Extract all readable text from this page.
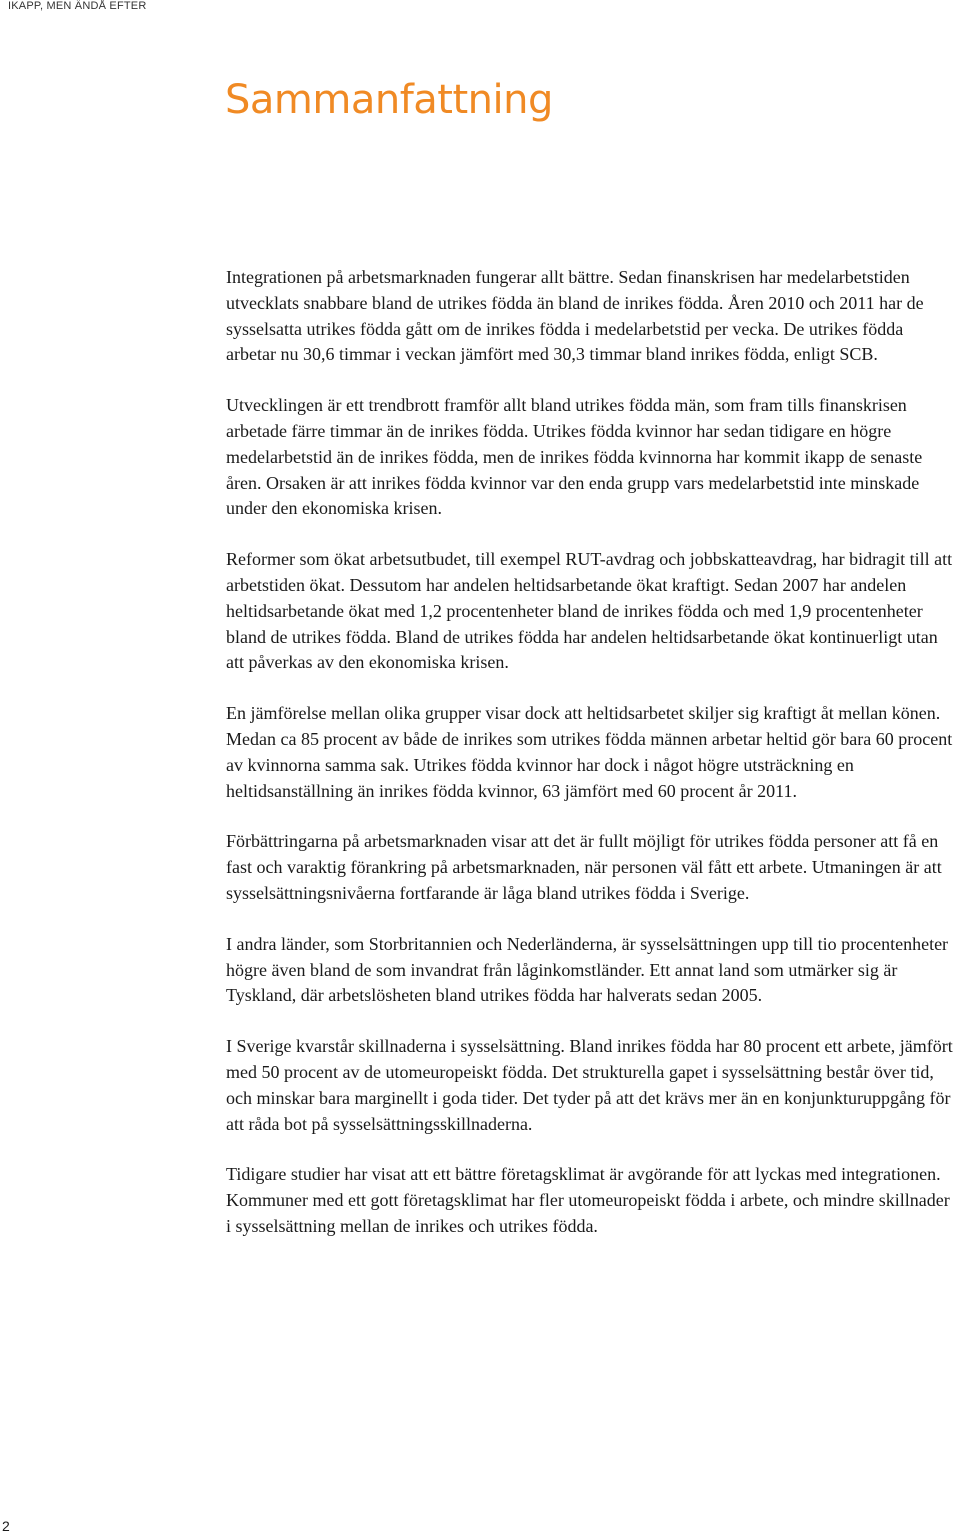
IKAPP, MEN ÄNDÅ EFTER
Sammanfattning

Integrationen på arbetsmarknaden fungerar allt bättre. Sedan finanskrisen har medelarbetstiden utvecklats snabbare bland de utrikes födda än bland de inrikes födda. Åren 2010 och 2011 har de sysselsatta utrikes födda gått om de inrikes födda i medelarbetstid per vecka. De utrikes födda arbetar nu 30,6 timmar i veckan jämfört med 30,3 timmar bland inrikes födda, enligt SCB.

Utvecklingen är ett trendbrott framför allt bland utrikes födda män, som fram tills finanskrisen arbetade färre timmar än de inrikes födda. Utrikes födda kvinnor har sedan tidigare en högre medelarbetstid än de inrikes födda, men de inrikes födda kvinnorna har kommit ikapp de senaste åren. Orsaken är att inrikes födda kvinnor var den enda grupp vars medelarbetstid inte minskade under den ekonomiska krisen.

Reformer som ökat arbetsutbudet, till exempel RUT-avdrag och jobbskatteavdrag, har bidragit till att arbetstiden ökat. Dessutom har andelen heltidsarbetande ökat kraftigt. Sedan 2007 har andelen heltidsarbetande ökat med 1,2 procentenheter bland de inrikes födda och med 1,9 procentenheter bland de utrikes födda. Bland de utrikes födda har andelen heltidsarbetande ökat kontinuerligt utan att påverkas av den ekonomiska krisen.

En jämförelse mellan olika grupper visar dock att heltidsarbetet skiljer sig kraftigt åt mellan könen. Medan ca 85 procent av både de inrikes som utrikes födda männen arbetar heltid gör bara 60 procent av kvinnorna samma sak. Utrikes födda kvinnor har dock i något högre utsträckning en heltidsanställning än inrikes födda kvinnor, 63 jämfört med 60 procent år 2011.

Förbättringarna på arbetsmarknaden visar att det är fullt möjligt för utrikes födda personer att få en fast och varaktig förankring på arbetsmarknaden, när personen väl fått ett arbete. Utmaningen är att sysselsättningsnivåerna fortfarande är låga bland utrikes födda i Sverige.

I andra länder, som Storbritannien och Nederländerna, är sysselsättningen upp till tio procentenheter högre även bland de som invandrat från låginkomstländer. Ett annat land som utmärker sig är Tyskland, där arbetslösheten bland utrikes födda har halverats sedan 2005.

I Sverige kvarstår skillnaderna i sysselsättning. Bland inrikes födda har 80 procent ett arbete, jämfört med 50 procent av de utomeuropeiskt födda. Det strukturella gapet i sysselsättning består över tid, och minskar bara marginellt i goda tider. Det tyder på att det krävs mer än en konjunkturuppgång för att råda bot på sysselsättningsskillnaderna.

Tidigare studier har visat att ett bättre företagsklimat är avgörande för att lyckas med integrationen. Kommuner med ett gott företagsklimat har fler utomeuropeiskt födda i arbete, och mindre skillnader i sysselsättning mellan de inrikes och utrikes födda.

2
